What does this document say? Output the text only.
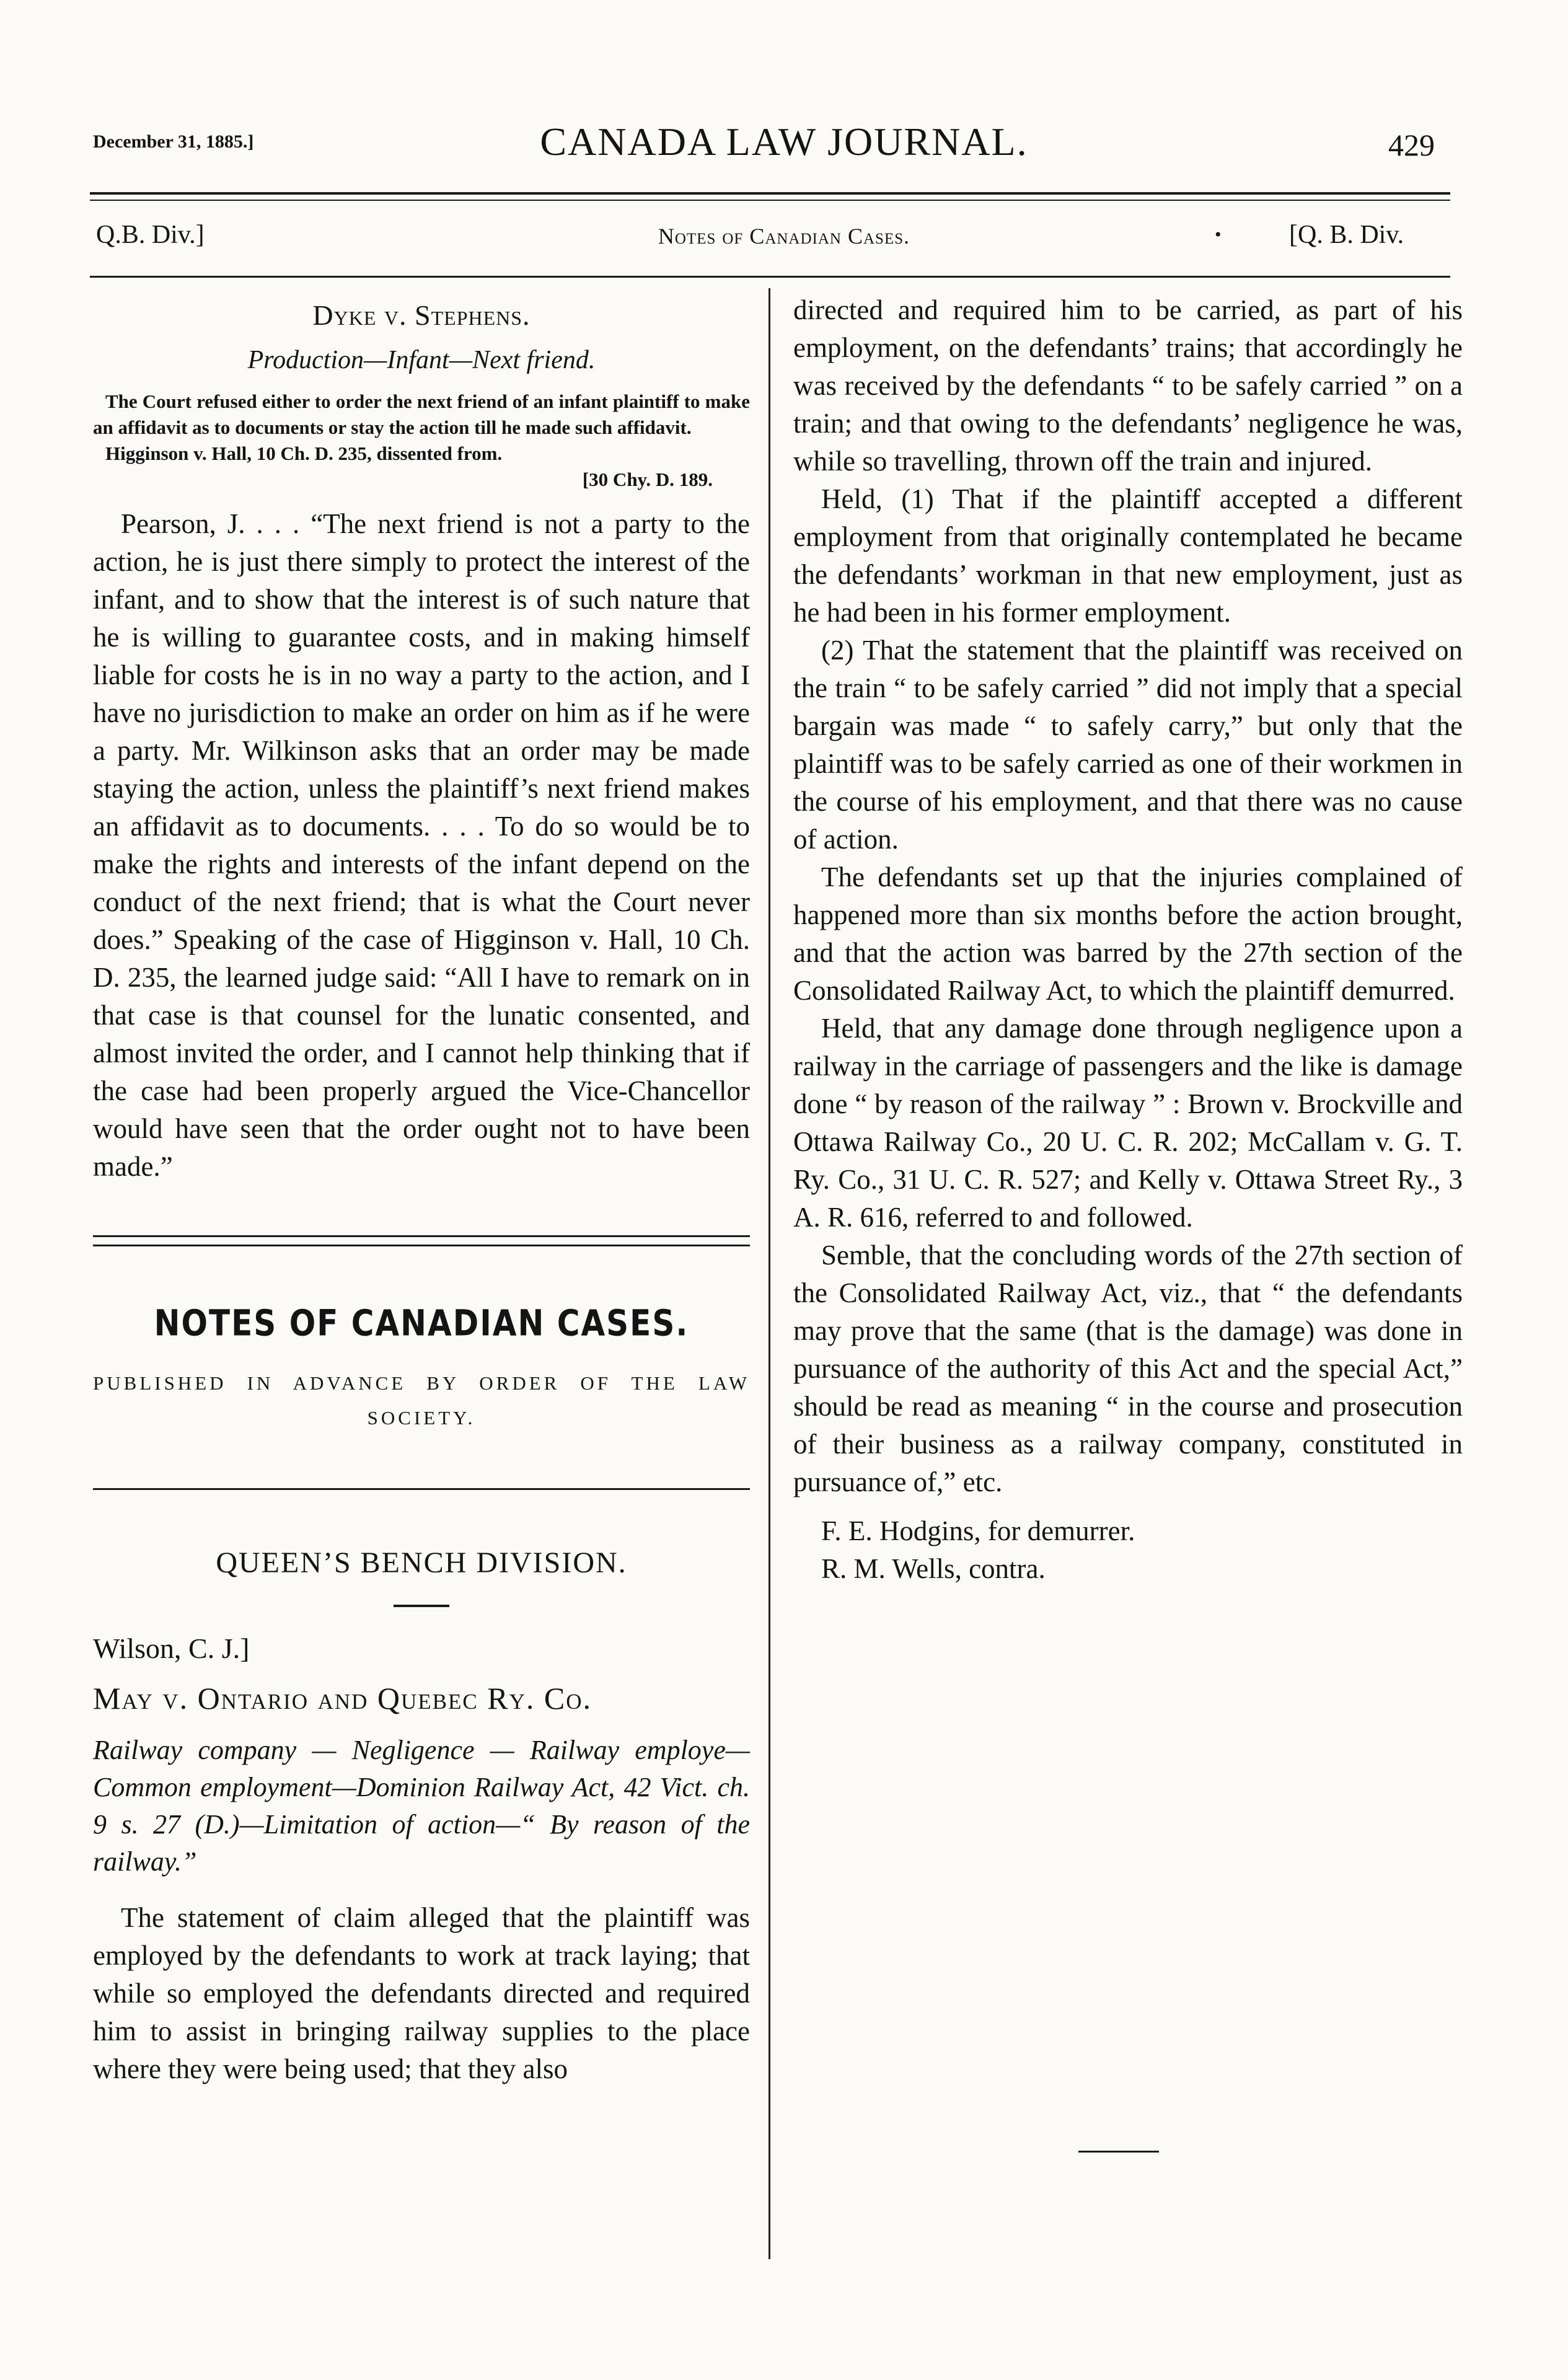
December 31, 1885.]	CANADA LAW JOURNAL.	429
Q.B. Div.]	Notes of Canadian Cases.	•	[Q. B. Div.
Dyke v. Stephens.
Production—Infant—Next friend.

The Court refused either to order the next friend of an infant plaintiff to make an affidavit as to documents or stay the action till he made such affidavit.

Higginson v. Hall, 10 Ch. D. 235, dissented from.

[30 Chy. D. 189.

Pearson, J. . . . “The next friend is not a party to the action, he is just there simply to protect the interest of the infant, and to show that the interest is of such nature that he is willing to guarantee costs, and in making himself liable for costs he is in no way a party to the action, and I have no jurisdiction to make an order on him as if he were a party. Mr. Wilkinson asks that an order may be made staying the action, unless the plaintiff’s next friend makes an affidavit as to documents. . . . To do so would be to make the rights and interests of the infant depend on the conduct of the next friend; that is what the Court never does.” Speaking of the case of Higginson v. Hall, 10 Ch. D. 235, the learned judge said: “All I have to remark on in that case is that counsel for the lunatic consented, and almost invited the order, and I cannot help thinking that if the case had been properly argued the Vice-Chancellor would have seen that the order ought not to have been made.”

NOTES OF CANADIAN CASES.

PUBLISHED IN ADVANCE BY ORDER OF THE LAW SOCIETY.

QUEEN’S BENCH DIVISION.
Wilson, C. J.]
May v. Ontario and Quebec Ry. Co.

Railway company — Negligence — Railway employe—Common employment—Dominion Railway Act, 42 Vict. ch. 9 s. 27 (D.)—Limitation of action—“ By reason of the railway.”

The statement of claim alleged that the plaintiff was employed by the defendants to work at track laying; that while so employed the defendants directed and required him to assist in bringing railway supplies to the place where they were being used; that they also

directed and required him to be carried, as part of his employment, on the defendants’ trains; that accordingly he was received by the defendants “ to be safely carried ” on a train; and that owing to the defendants’ negligence he was, while so travelling, thrown off the train and injured.

Held, (1) That if the plaintiff accepted a different employment from that originally contemplated he became the defendants’ workman in that new employment, just as he had been in his former employment.

(2) That the statement that the plaintiff was received on the train “ to be safely carried ” did not imply that a special bargain was made “ to safely carry,” but only that the plaintiff was to be safely carried as one of their workmen in the course of his employment, and that there was no cause of action.

The defendants set up that the injuries complained of happened more than six months before the action brought, and that the action was barred by the 27th section of the Consolidated Railway Act, to which the plaintiff demurred.

Held, that any damage done through negligence upon a railway in the carriage of passengers and the like is damage done “ by reason of the railway ” : Brown v. Brockville and Ottawa Railway Co., 20 U. C. R. 202; McCallam v. G. T. Ry. Co., 31 U. C. R. 527; and Kelly v. Ottawa Street Ry., 3 A. R. 616, referred to and followed.

Semble, that the concluding words of the 27th section of the Consolidated Railway Act, viz., that “ the defendants may prove that the same (that is the damage) was done in pursuance of the authority of this Act and the special Act,” should be read as meaning “ in the course and prosecution of their business as a railway company, constituted in pursuance of,” etc.

F. E. Hodgins, for demurrer.

R. M. Wells, contra.
